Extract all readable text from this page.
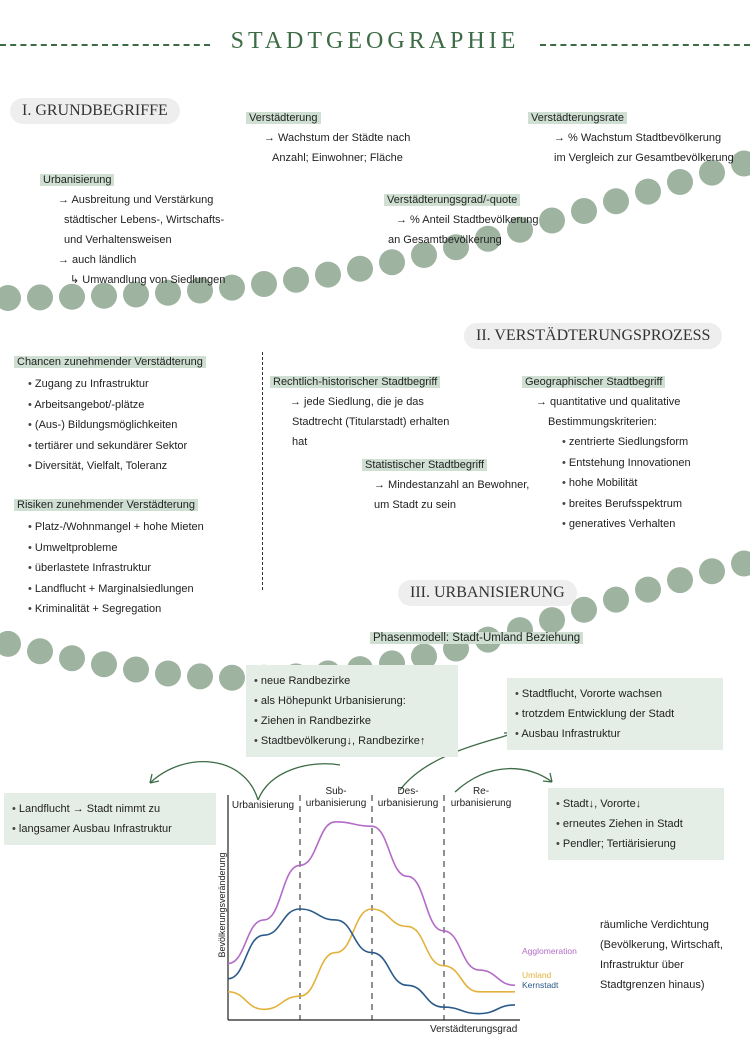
STADTGEOGRAPHIE
I. GRUNDBEGRIFFE
Urbanisierung
→ Ausbreitung und Verstärkung
städtischer Lebens-, Wirtschafts-
und Verhaltensweisen
→ auch ländlich
↳ Umwandlung von Siedlungen
Verstädterung
→ Wachstum der Städte nach
Anzahl; Einwohner; Fläche
Verstädterungsgrad/-quote
→ % Anteil Stadtbevölkerung
an Gesamtbevölkerung
Verstädterungsrate
→ % Wachstum Stadtbevölkerung
im Vergleich zur Gesamtbevölkerung
II. VERSTÄDTERUNGSPROZESS
Chancen zunehmender Verstädterung
• Zugang zu Infrastruktur
• Arbeitsangebot/-plätze
• (Aus-) Bildungsmöglichkeiten
• tertiärer und sekundärer Sektor
• Diversität, Vielfalt, Toleranz
Risiken zunehmender Verstädterung
• Platz-/Wohnmangel + hohe Mieten
• Umweltprobleme
• überlastete Infrastruktur
• Landflucht + Marginalsiedlungen
• Kriminalität + Segregation
Rechtlich-historischer Stadtbegriff
→ jede Siedlung, die je das
Stadtrecht (Titularstadt) erhalten
hat
Statistischer Stadtbegriff
→ Mindestanzahl an Bewohner,
um Stadt zu sein
Geographischer Stadtbegriff
→ quantitative und qualitative
Bestimmungskriterien:
• zentrierte Siedlungsform
• Entstehung Innovationen
• hohe Mobilität
• breites Berufsspektrum
• generatives Verhalten
III. URBANISIERUNG
Phasenmodell: Stadt-Umland Beziehung
• neue Randbezirke
• als Höhepunkt Urbanisierung:
• Ziehen in Randbezirke
• Stadtbevölkerung↓, Randbezirke↑
• Stadtflucht, Vororte wachsen
• trotzdem Entwicklung der Stadt
• Ausbau Infrastruktur
• Landflucht → Stadt nimmt zu
• langsamer Ausbau Infrastruktur
• Stadt↓, Vororte↓
• erneutes Ziehen in Stadt
• Pendler; Tertiärisierung
Urbanisierung
Sub-
urbanisierung
Des-
urbanisierung
Re-
urbanisierung
Bevölkerungsveränderung
Verstädterungsgrad
Agglomeration
Umland
Kernstadt
räumliche Verdichtung
(Bevölkerung, Wirtschaft,
Infrastruktur über
Stadtgrenzen hinaus)
